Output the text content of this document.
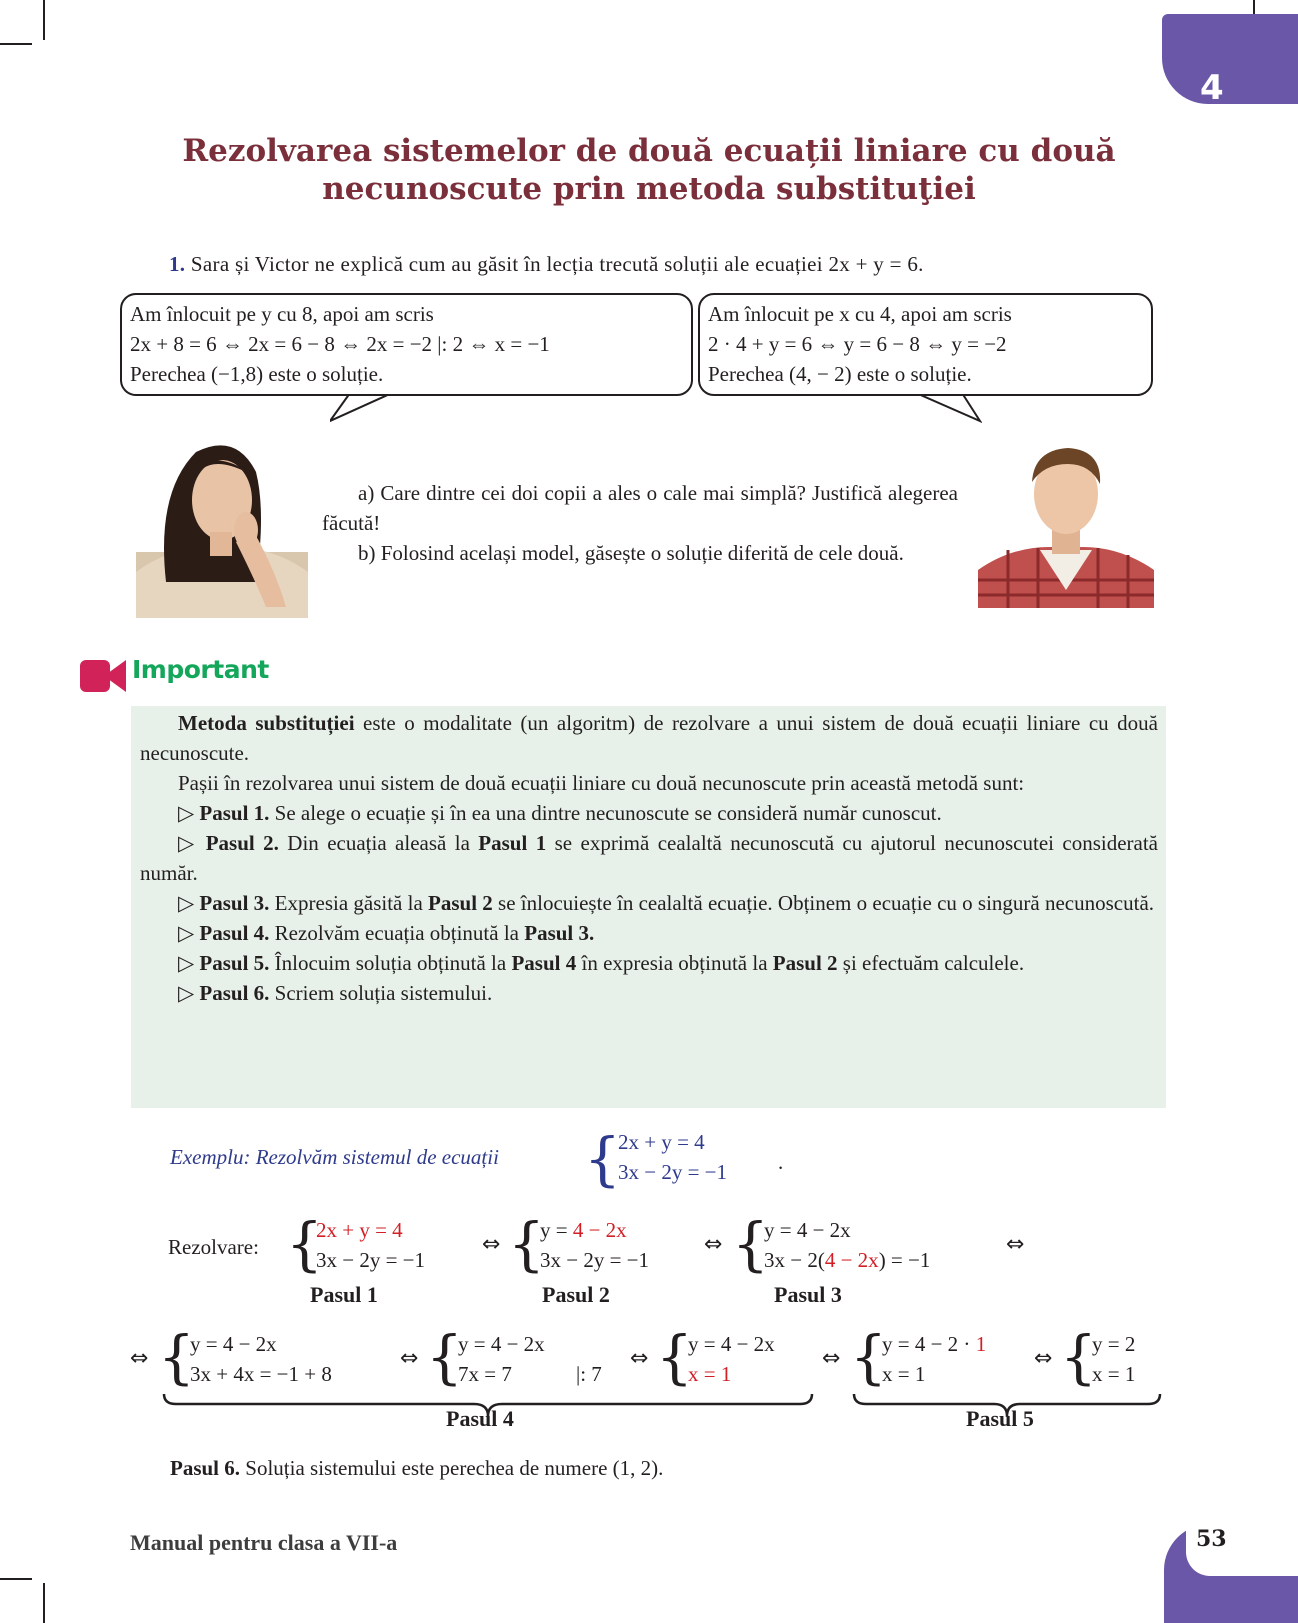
4
Rezolvarea sistemelor de două ecuații liniare cu două
necunoscute prin metoda substituţiei
1. Sara și Victor ne explică cum au găsit în lecția trecută soluții ale ecuației 2x + y = 6.
Am înlocuit pe y cu 8, apoi am scris
2x + 8 = 6 ⇔ 2x = 6 − 8 ⇔ 2x = −2 |: 2 ⇔ x = −1
Perechea (−1,8) este o soluție.
Am înlocuit pe x cu 4, apoi am scris
2 · 4 + y = 6 ⇔ y = 6 − 8 ⇔ y = −2
Perechea (4, − 2) este o soluție.

a) Care dintre cei doi copii a ales o cale mai simplă? Justifică alegerea făcută!

b) Folosind același model, găsește o soluție diferită de cele două.

Important

Metoda substituției este o modalitate (un algoritm) de rezolvare a unui sistem de două ecuații liniare cu două necunoscute.

Pașii în rezolvarea unui sistem de două ecuații liniare cu două necunoscute prin această metodă sunt:

▷ Pasul 1. Se alege o ecuație și în ea una dintre necunoscute se consideră număr cunoscut.

▷ Pasul 2. Din ecuația aleasă la Pasul 1 se exprimă cealaltă necunoscută cu ajutorul necunoscutei considerată număr.

▷ Pasul 3. Expresia găsită la Pasul 2 se înlocuiește în cealaltă ecuație. Obținem o ecuație cu o singură necunoscută.

▷ Pasul 4. Rezolvăm ecuația obținută la Pasul 3.

▷ Pasul 5. Înlocuim soluția obținută la Pasul 4 în expresia obținută la Pasul 2 și efectuăm calculele.

▷ Pasul 6. Scriem soluția sistemului.

Exemplu: Rezolvăm sistemul de ecuații {
2x + y = 4
3x − 2y = −1 .
Rezolvare: {
2x + y = 4
3x − 2y = −1
⇔ {
y = 4 − 2x
3x − 2y = −1
⇔ {
y = 4 − 2x
3x − 2(4 − 2x) = −1
⇔
Pasul 1	Pasul 2	Pasul 3
⇔ {
y = 4 − 2x
3x + 4x = −1 + 8
⇔ {
y = 4 − 2x
7x = 7	|: 7
⇔ {
y = 4 − 2x
x = 1
⇔ {
y = 4 − 2 · 1
x = 1
⇔ {
y = 2
x = 1
Pasul 4	Pasul 5
Pasul 6. Soluția sistemului este perechea de numere (1, 2).
Manual pentru clasa a VII-a	53
